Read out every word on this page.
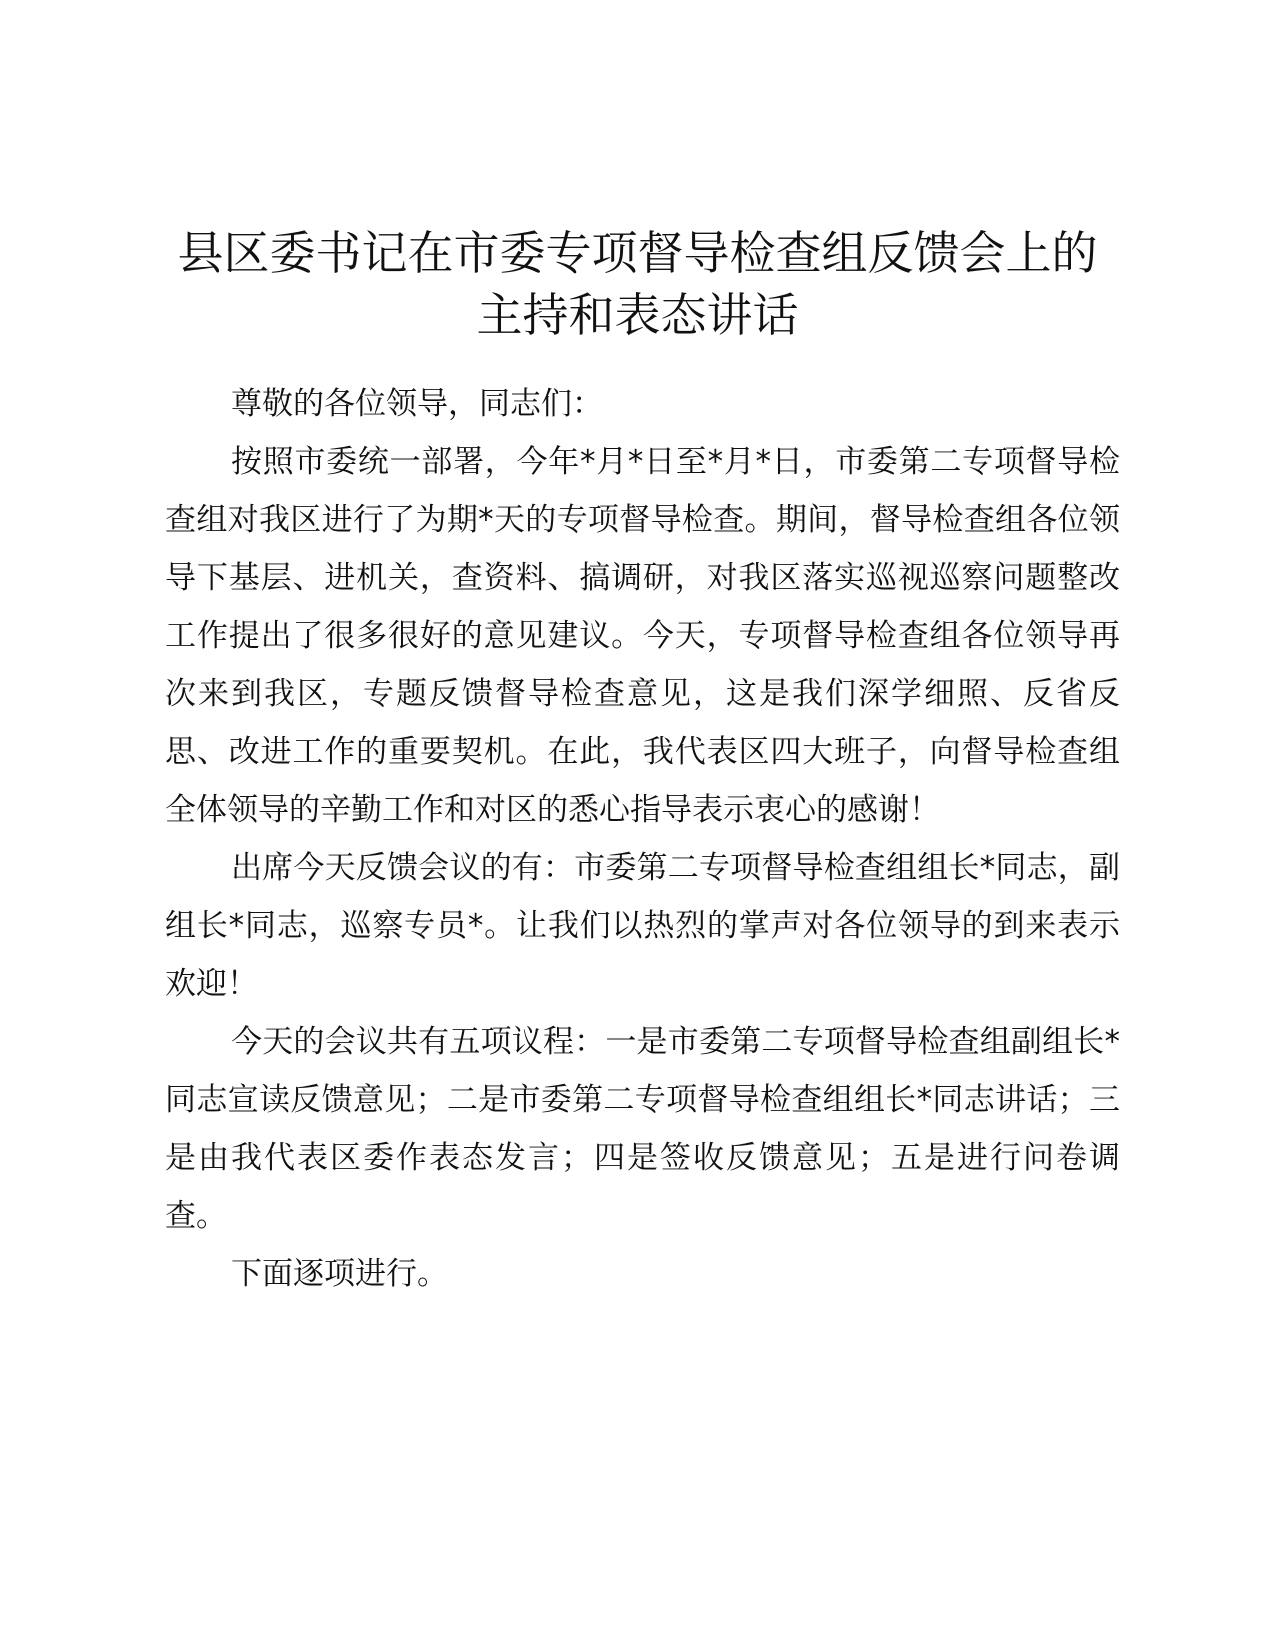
县区委书记在市委专项督导检查组反馈会上的
主持和表态讲话

尊敬的各位领导，同志们：

按照市委统一部署，今年*月*日至*月*日，市委第二专项督导检查组对我区进行了为期*天的专项督导检查。期间，督导检查组各位领导下基层、进机关，查资料、搞调研，对我区落实巡视巡察问题整改工作提出了很多很好的意见建议。今天，专项督导检查组各位领导再次来到我区，专题反馈督导检查意见，这是我们深学细照、反省反思、改进工作的重要契机。在此，我代表区四大班子，向督导检查组全体领导的辛勤工作和对区的悉心指导表示衷心的感谢！

出席今天反馈会议的有：市委第二专项督导检查组组长*同志，副组长*同志，巡察专员*。让我们以热烈的掌声对各位领导的到来表示欢迎！

今天的会议共有五项议程：一是市委第二专项督导检查组副组长*同志宣读反馈意见；二是市委第二专项督导检查组组长*同志讲话；三是由我代表区委作表态发言；四是签收反馈意见；五是进行问卷调查。

下面逐项进行。
